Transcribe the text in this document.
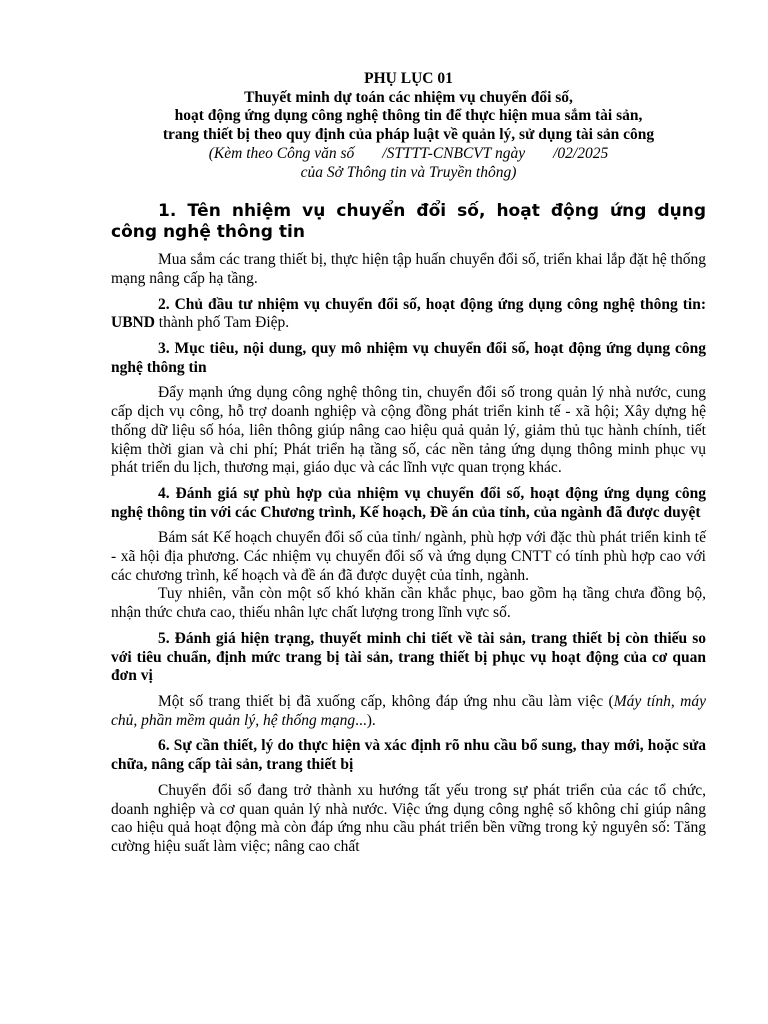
PHỤ LỤC 01
Thuyết minh dự toán các nhiệm vụ chuyển đổi số,
hoạt động ứng dụng công nghệ thông tin để thực hiện mua sắm tài sản,
trang thiết bị theo quy định của pháp luật về quản lý, sử dụng tài sản công
(Kèm theo Công văn số /STTTT-CNBCVT ngày /02/2025
của Sở Thông tin và Truyền thông)

1. Tên nhiệm vụ chuyển đổi số, hoạt động ứng dụng công nghệ thông tin

Mua sắm các trang thiết bị, thực hiện tập huấn chuyển đổi số, triển khai lắp đặt hệ thống mạng nâng cấp hạ tầng.

2. Chủ đầu tư nhiệm vụ chuyển đổi số, hoạt động ứng dụng công nghệ thông tin: UBND thành phố Tam Điệp.

3. Mục tiêu, nội dung, quy mô nhiệm vụ chuyển đổi số, hoạt động ứng dụng công nghệ thông tin

Đẩy mạnh ứng dụng công nghệ thông tin, chuyển đổi số trong quản lý nhà nước, cung cấp dịch vụ công, hỗ trợ doanh nghiệp và cộng đồng phát triển kinh tế - xã hội; Xây dựng hệ thống dữ liệu số hóa, liên thông giúp nâng cao hiệu quả quản lý, giảm thủ tục hành chính, tiết kiệm thời gian và chi phí; Phát triển hạ tầng số, các nền tảng ứng dụng thông minh phục vụ phát triển du lịch, thương mại, giáo dục và các lĩnh vực quan trọng khác.

4. Đánh giá sự phù hợp của nhiệm vụ chuyển đổi số, hoạt động ứng dụng công nghệ thông tin với các Chương trình, Kế hoạch, Đề án của tỉnh, của ngành đã được duyệt

Bám sát Kế hoạch chuyển đổi số của tỉnh/ ngành, phù hợp với đặc thù phát triển kinh tế - xã hội địa phương. Các nhiệm vụ chuyển đổi số và ứng dụng CNTT có tính phù hợp cao với các chương trình, kế hoạch và đề án đã được duyệt của tỉnh, ngành.

Tuy nhiên, vẫn còn một số khó khăn cần khắc phục, bao gồm hạ tầng chưa đồng bộ, nhận thức chưa cao, thiếu nhân lực chất lượng trong lĩnh vực số.

5. Đánh giá hiện trạng, thuyết minh chi tiết về tài sản, trang thiết bị còn thiếu so với tiêu chuẩn, định mức trang bị tài sản, trang thiết bị phục vụ hoạt động của cơ quan đơn vị

Một số trang thiết bị đã xuống cấp, không đáp ứng nhu cầu làm việc (Máy tính, máy chủ, phần mềm quản lý, hệ thống mạng...).

6. Sự cần thiết, lý do thực hiện và xác định rõ nhu cầu bổ sung, thay mới, hoặc sửa chữa, nâng cấp tài sản, trang thiết bị

Chuyển đổi số đang trở thành xu hướng tất yếu trong sự phát triển của các tổ chức, doanh nghiệp và cơ quan quản lý nhà nước. Việc ứng dụng công nghệ số không chỉ giúp nâng cao hiệu quả hoạt động mà còn đáp ứng nhu cầu phát triển bền vững trong kỷ nguyên số: Tăng cường hiệu suất làm việc; nâng cao chất
